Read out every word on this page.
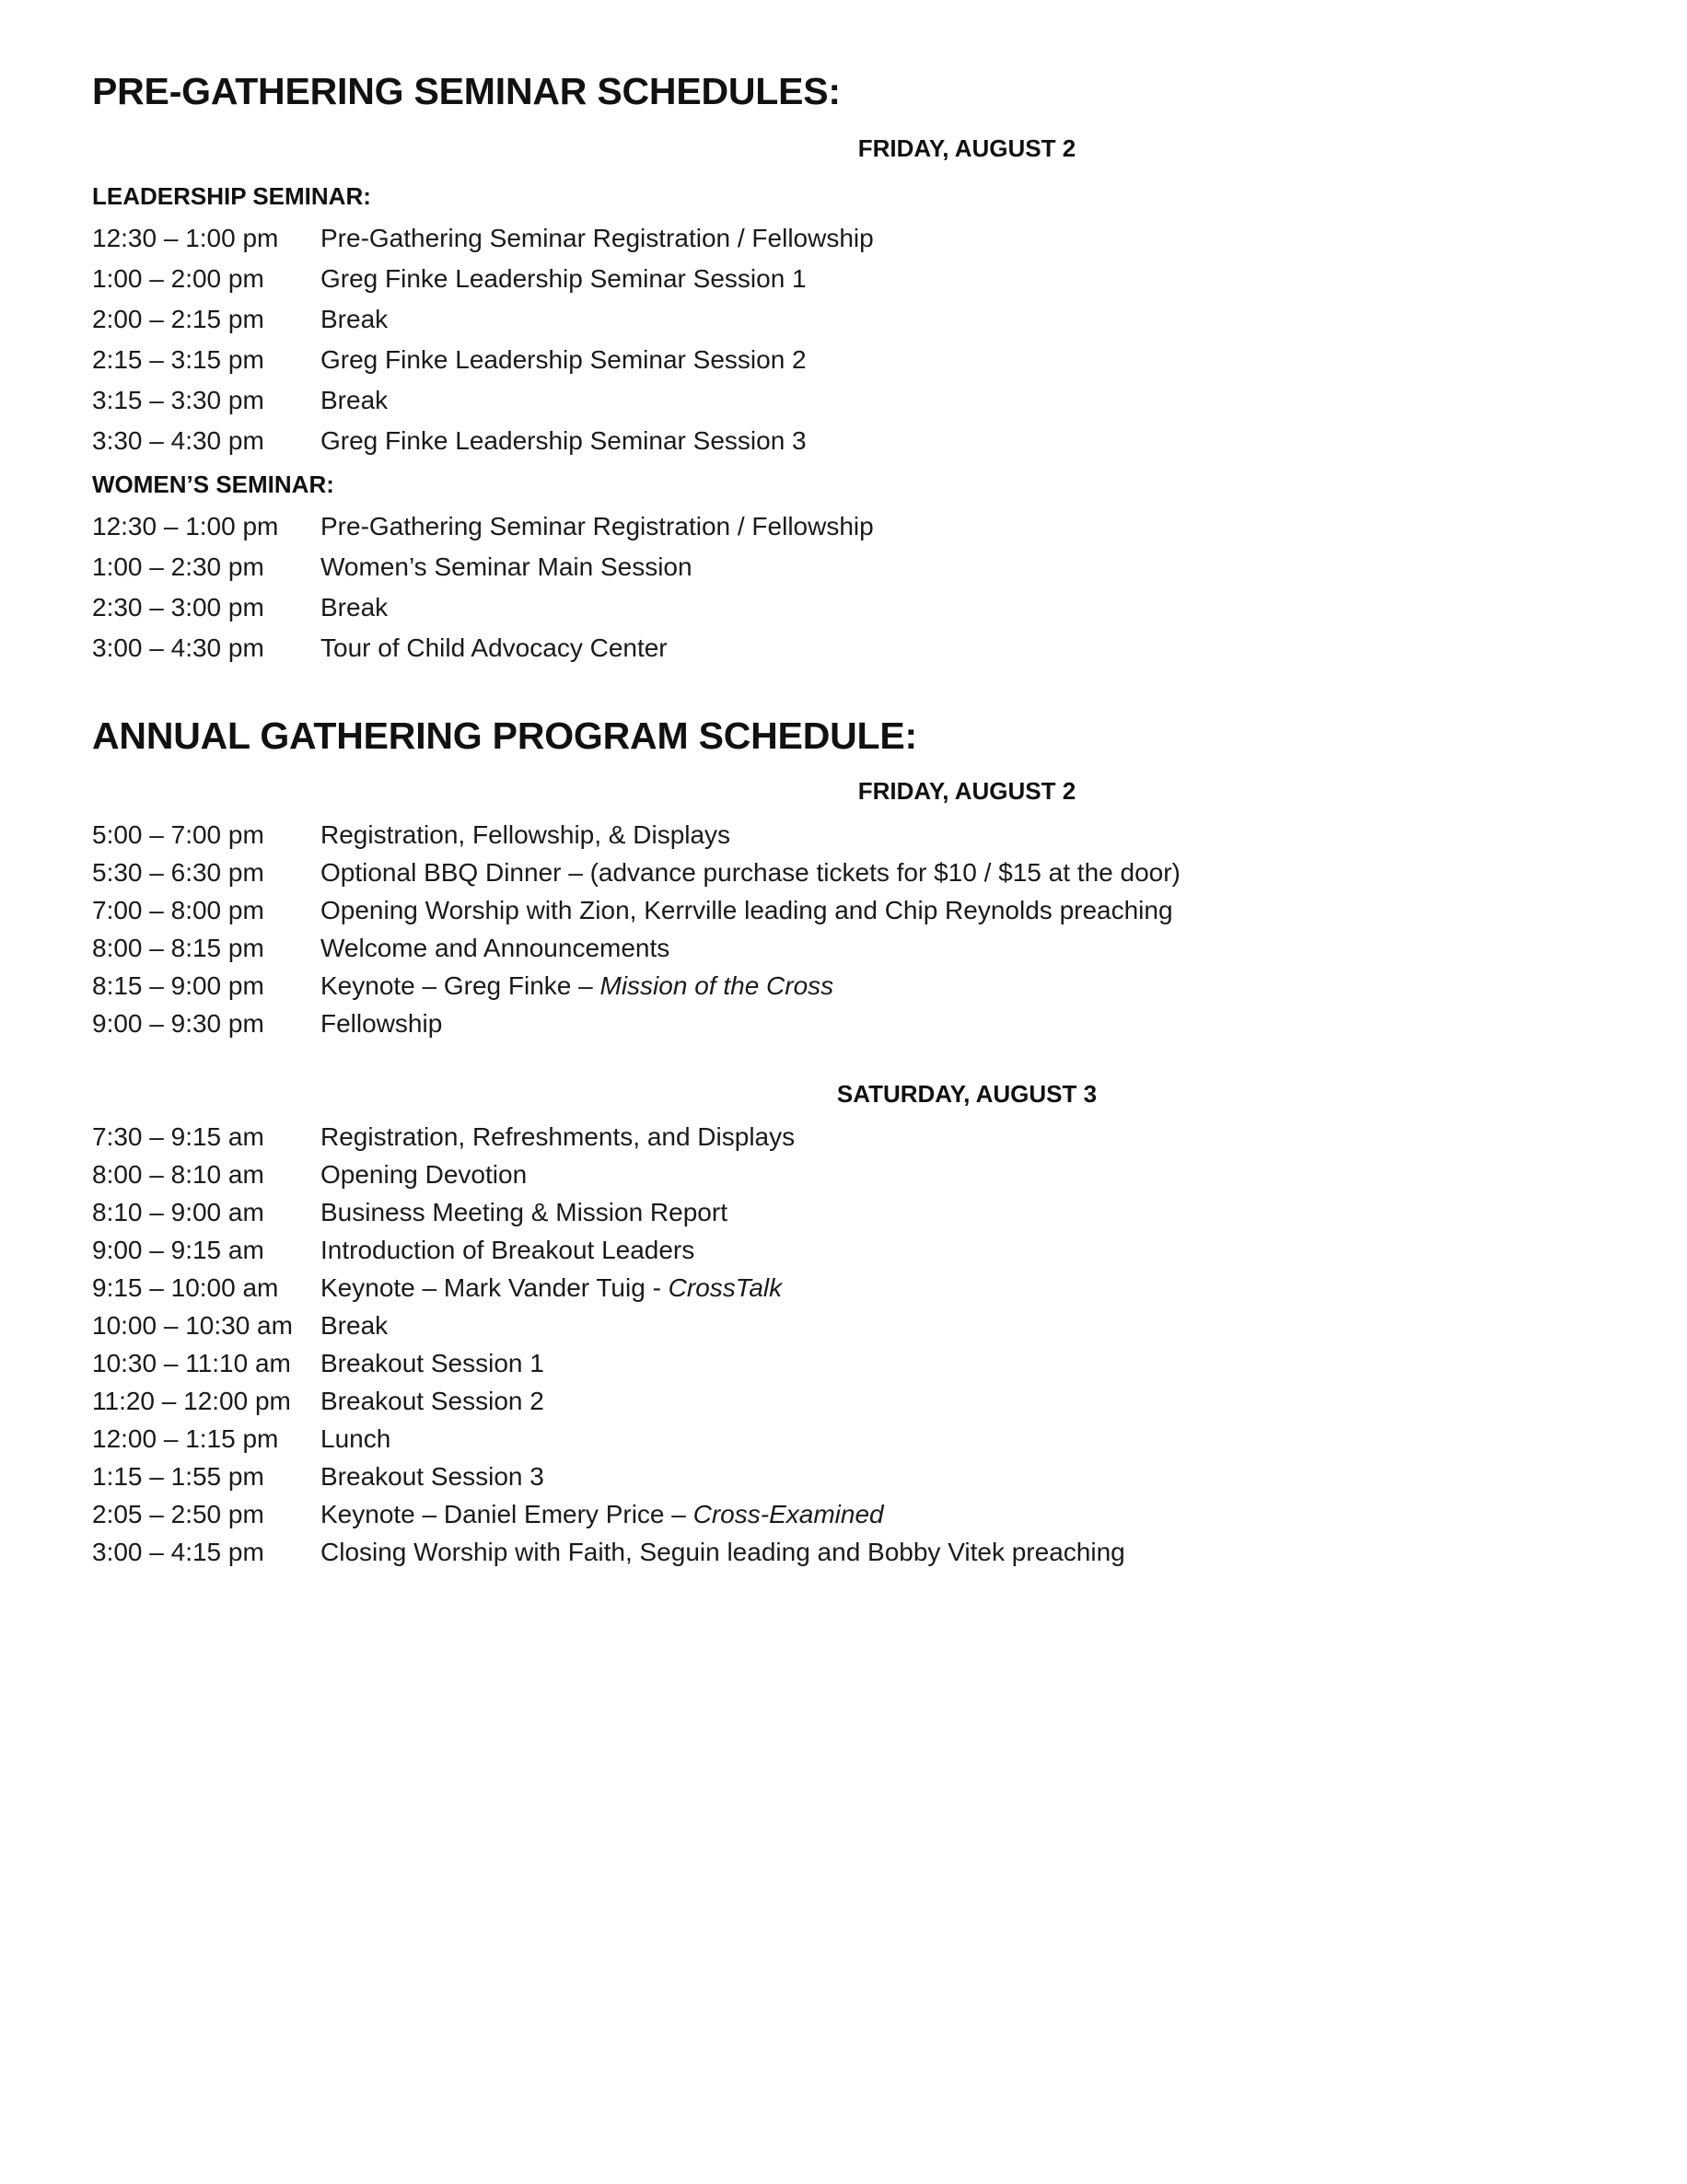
PRE-GATHERING SEMINAR SCHEDULES:
FRIDAY, AUGUST 2
LEADERSHIP SEMINAR:
12:30 – 1:00 pm	Pre-Gathering Seminar Registration / Fellowship
1:00 – 2:00 pm	Greg Finke Leadership Seminar Session 1
2:00 – 2:15 pm	Break
2:15 – 3:15 pm	Greg Finke Leadership Seminar Session 2
3:15 – 3:30 pm	Break
3:30 – 4:30 pm	Greg Finke Leadership Seminar Session 3
WOMEN’S SEMINAR:
12:30 – 1:00 pm	Pre-Gathering Seminar Registration / Fellowship
1:00 – 2:30 pm	Women’s Seminar Main Session
2:30 – 3:00 pm	Break
3:00 – 4:30 pm	Tour of Child Advocacy Center
ANNUAL GATHERING PROGRAM SCHEDULE:
FRIDAY, AUGUST 2
5:00 – 7:00 pm	Registration, Fellowship, & Displays
5:30 – 6:30 pm	Optional BBQ Dinner – (advance purchase tickets for $10 / $15 at the door)
7:00 – 8:00 pm	Opening Worship with Zion, Kerrville leading and Chip Reynolds preaching
8:00 – 8:15 pm	Welcome and Announcements
8:15 – 9:00 pm	Keynote – Greg Finke – Mission of the Cross
9:00 – 9:30 pm	Fellowship
SATURDAY, AUGUST 3
7:30 – 9:15 am	Registration, Refreshments, and Displays
8:00 – 8:10 am	Opening Devotion
8:10 – 9:00 am	Business Meeting & Mission Report
9:00 – 9:15 am	Introduction of Breakout Leaders
9:15 – 10:00 am	Keynote – Mark Vander Tuig - CrossTalk
10:00 – 10:30 am	Break
10:30 – 11:10 am	Breakout Session 1
11:20 – 12:00 pm	Breakout Session 2
12:00 – 1:15 pm	Lunch
1:15 – 1:55 pm	Breakout Session 3
2:05 – 2:50 pm	Keynote – Daniel Emery Price – Cross-Examined
3:00 – 4:15 pm	Closing Worship with Faith, Seguin leading and Bobby Vitek preaching
